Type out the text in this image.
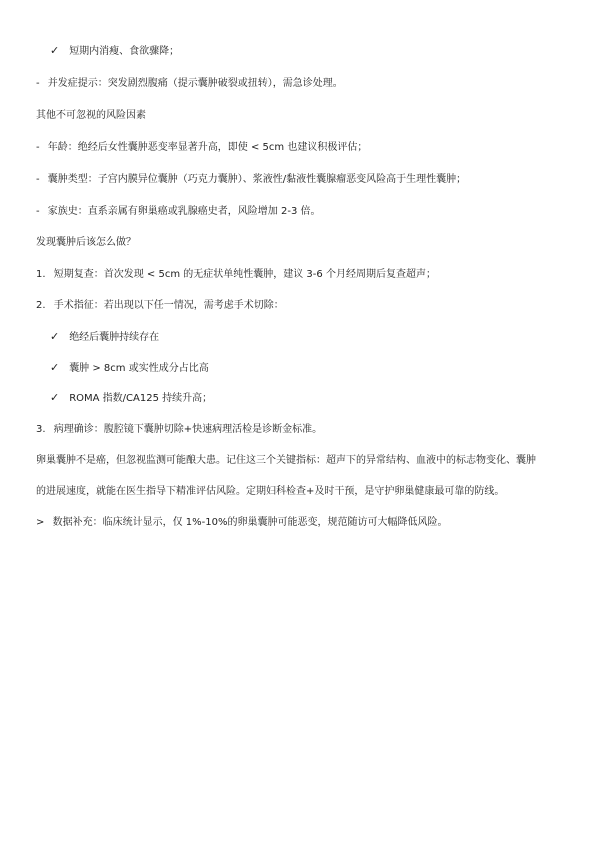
✓ 短期内消瘦、食欲骤降；
- 并发症提示：突发剧烈腹痛（提示囊肿破裂或扭转），需急诊处理。
其他不可忽视的风险因素
- 年龄：绝经后女性囊肿恶变率显著升高，即使 < 5cm 也建议积极评估；
- 囊肿类型：子宫内膜异位囊肿（巧克力囊肿）、浆液性/黏液性囊腺瘤恶变风险高于生理性囊肿；
- 家族史：直系亲属有卵巢癌或乳腺癌史者，风险增加 2-3 倍。
发现囊肿后该怎么做？
1. 短期复查：首次发现 < 5cm 的无症状单纯性囊肿，建议 3-6 个月经周期后复查超声；
2. 手术指征：若出现以下任一情况，需考虑手术切除：
✓ 绝经后囊肿持续存在
✓ 囊肿 > 8cm 或实性成分占比高
✓ ROMA 指数/CA125 持续升高；
3. 病理确诊：腹腔镜下囊肿切除+快速病理活检是诊断金标准。
卵巢囊肿不是癌，但忽视监测可能酿大患。记住这三个关键指标：超声下的异常结构、血液中的标志物变化、囊肿
的进展速度，就能在医生指导下精准评估风险。定期妇科检查+及时干预，是守护卵巢健康最可靠的防线。
> 数据补充：临床统计显示，仅 1%-10%的卵巢囊肿可能恶变，规范随访可大幅降低风险。
